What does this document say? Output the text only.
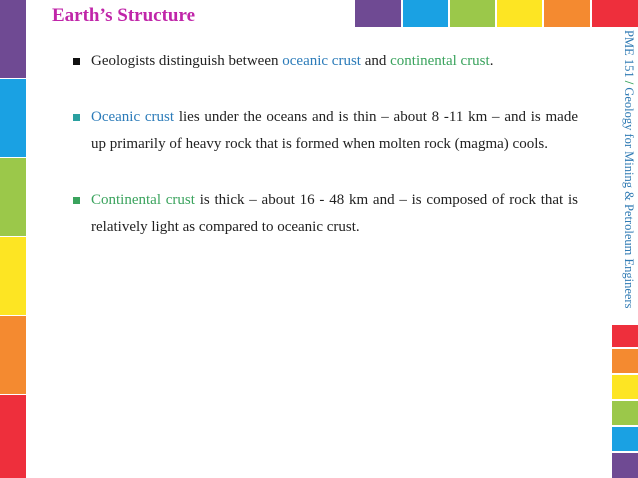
Earth’s Structure
PME 151 / Geology for Mining & Petroleum Engineers
Geologists distinguish between oceanic crust and continental crust.
Oceanic crust lies under the oceans and is thin – about 8 -11 km – and is made up primarily of heavy rock that is formed when molten rock (magma) cools.
Continental crust is thick – about 16 - 48 km and – is composed of rock that is relatively light as compared to oceanic crust.
